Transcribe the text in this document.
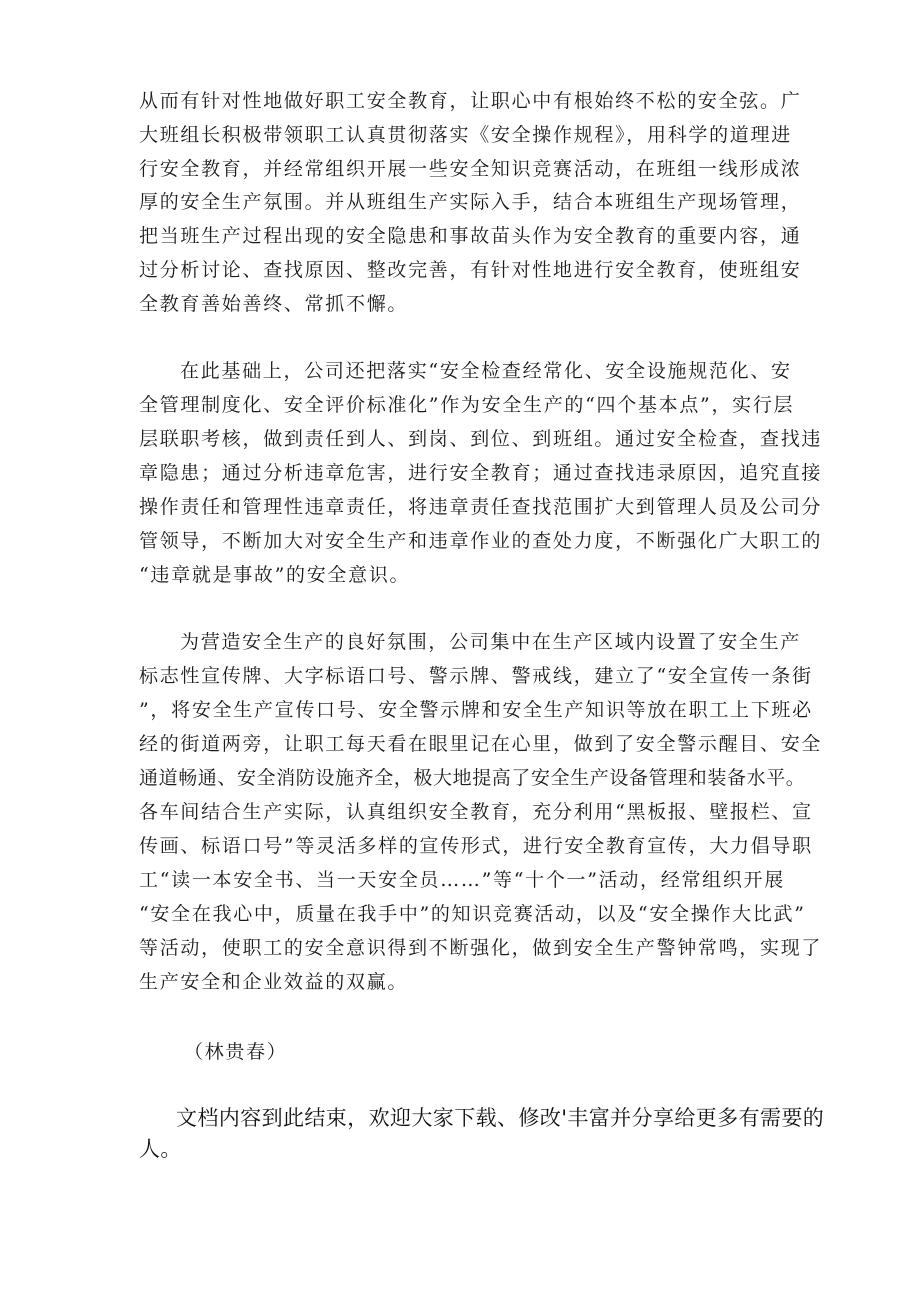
从而有针对性地做好职工安全教育，让职心中有根始终不松的安全弦。广
大班组长积极带领职工认真贯彻落实《安全操作规程》，用科学的道理进
行安全教育，并经常组织开展一些安全知识竞赛活动，在班组一线形成浓
厚的安全生产氛围。并从班组生产实际入手，结合本班组生产现场管理，
把当班生产过程出现的安全隐患和事故苗头作为安全教育的重要内容，通
过分析讨论、查找原因、整改完善，有针对性地进行安全教育，使班组安
全教育善始善终、常抓不懈。
在此基础上，公司还把落实“安全检查经常化、安全设施规范化、安
全管理制度化、安全评价标准化”作为安全生产的“四个基本点”，实行层
层联职考核，做到责任到人、到岗、到位、到班组。通过安全检查，查找违
章隐患；通过分析违章危害，进行安全教育；通过查找违录原因，追究直接
操作责任和管理性违章责任，将违章责任查找范围扩大到管理人员及公司分
管领导，不断加大对安全生产和违章作业的查处力度，不断强化广大职工的
“违章就是事故”的安全意识。
为营造安全生产的良好氛围，公司集中在生产区域内设置了安全生产
标志性宣传牌、大字标语口号、警示牌、警戒线，建立了“安全宣传一条街
”，将安全生产宣传口号、安全警示牌和安全生产知识等放在职工上下班必
经的街道两旁，让职工每天看在眼里记在心里，做到了安全警示醒目、安全
通道畅通、安全消防设施齐全，极大地提高了安全生产设备管理和装备水平。
各车间结合生产实际，认真组织安全教育，充分利用“黑板报、壁报栏、宣
传画、标语口号”等灵活多样的宣传形式，进行安全教育宣传，大力倡导职
工“读一本安全书、当一天安全员……”等“十个一”活动，经常组织开展
“安全在我心中，质量在我手中”的知识竞赛活动，以及“安全操作大比武”
等活动，使职工的安全意识得到不断强化，做到安全生产警钟常鸣，实现了
生产安全和企业效益的双赢。
（林贵春）
文档内容到此结束，欢迎大家下载、修改'丰富并分享给更多有需要的
人。
